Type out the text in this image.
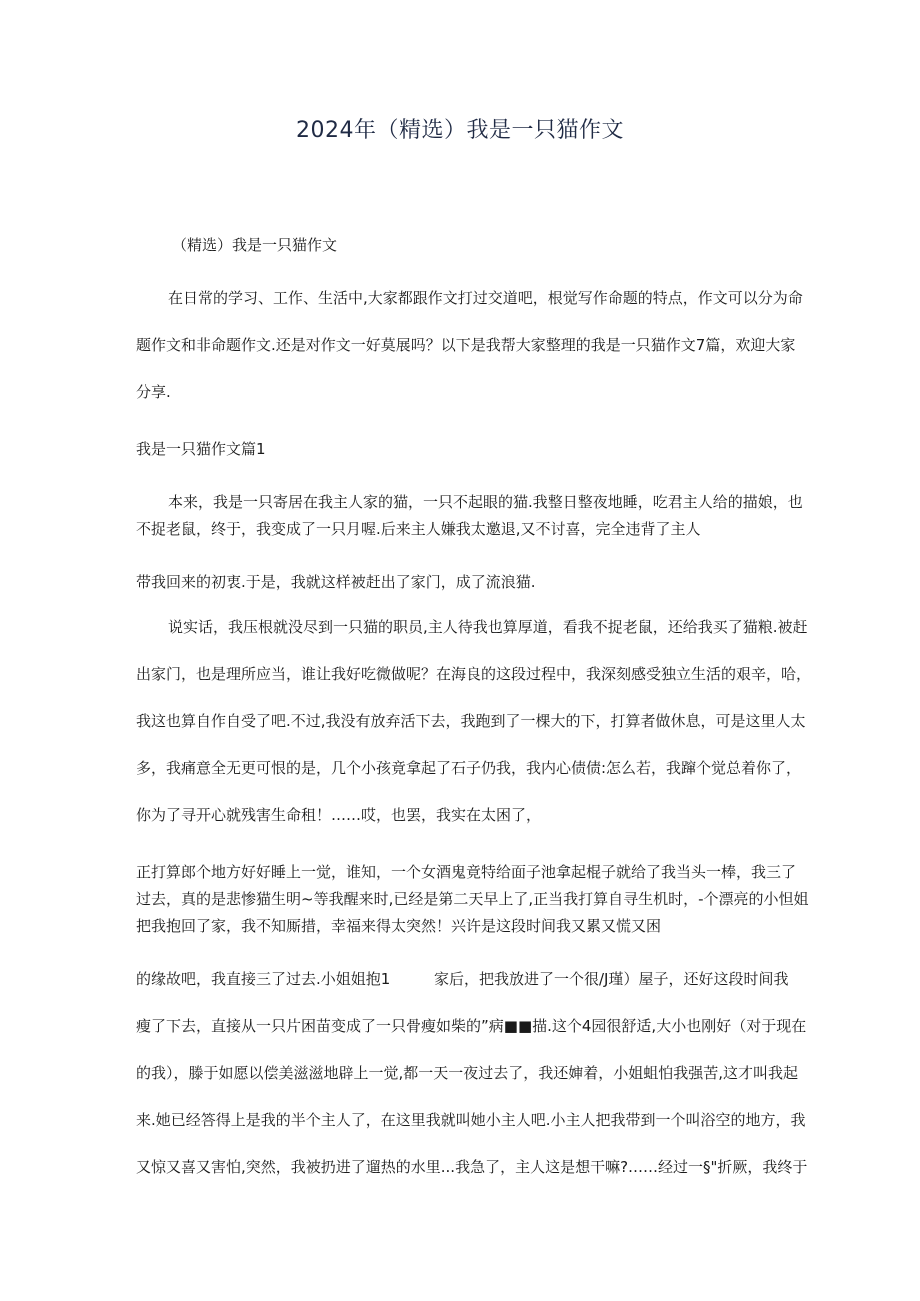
2024年（精选）我是一只猫作文
（精选）我是一只猫作文
在日常的学习、工作、生活中,大家都跟作文打过交道吧，根觉写作命题的特点，作文可以分为命
题作文和非命题作文.还是对作文一好莫展吗？以下是我帮大家整理的我是一只猫作文7篇，欢迎大家
分享.
我是一只猫作文篇1
本来，我是一只寄居在我主人家的猫，一只不起眼的猫.我整日整夜地睡，吃君主人给的描娘，也
不捉老鼠，终于，我变成了一只月喔.后来主人嫌我太邀退,又不讨喜，完全违背了主人
带我回来的初衷.于是，我就这样被赶出了家门，成了流浪猫.
说实话，我压根就没尽到一只猫的职员,主人待我也算厚道，看我不捉老鼠，还给我买了猫粮.被赶
出家门，也是理所应当，谁让我好吃微做呢？在海良的这段过程中，我深刻感受独立生活的艰辛，哈，
我这也算自作自受了吧.不过,我没有放弃活下去，我跑到了一棵大的下，打算者做休息，可是这里人太
多，我痛意全无更可恨的是，几个小孩竟拿起了石子仍我，我内心债债:怎么若，我蹿个觉总着你了，
你为了寻开心就残害生命租！……哎，也罢，我实在太困了，
正打算郎个地方好好睡上一觉，谁知，一个女酒鬼竟特给面子池拿起棍子就给了我当头一棒，我三了
过去，真的是悲惨猫生明~等我醒来时,已经是第二天早上了,正当我打算自寻生机时，-个漂亮的小怛姐
把我抱回了家，我不知厮措，幸福来得太突然！兴许是这段时间我又累又慌又困
的缘故吧，我直接三了过去.小姐姐抱1	家后，把我放进了一个很/J瑾）屋子，还好这段时间我
瘦了下去，直接从一只片困苗变成了一只骨瘦如柴的”病■■描.这个4园很舒适,大小也刚好（对于现在
的我），滕于如愿以偿美滋滋地辟上一觉,都一天一夜过去了，我还婶着，小姐蛆怕我强苦,这才叫我起
来.她已经答得上是我的半个主人了，在这里我就叫她小主人吧.小主人把我带到一个叫浴空的地方，我
又惊又喜又害怕,突然，我被扔进了遛热的水里...我急了，主人这是想干嘛?……经过一§"折厥，我终于
